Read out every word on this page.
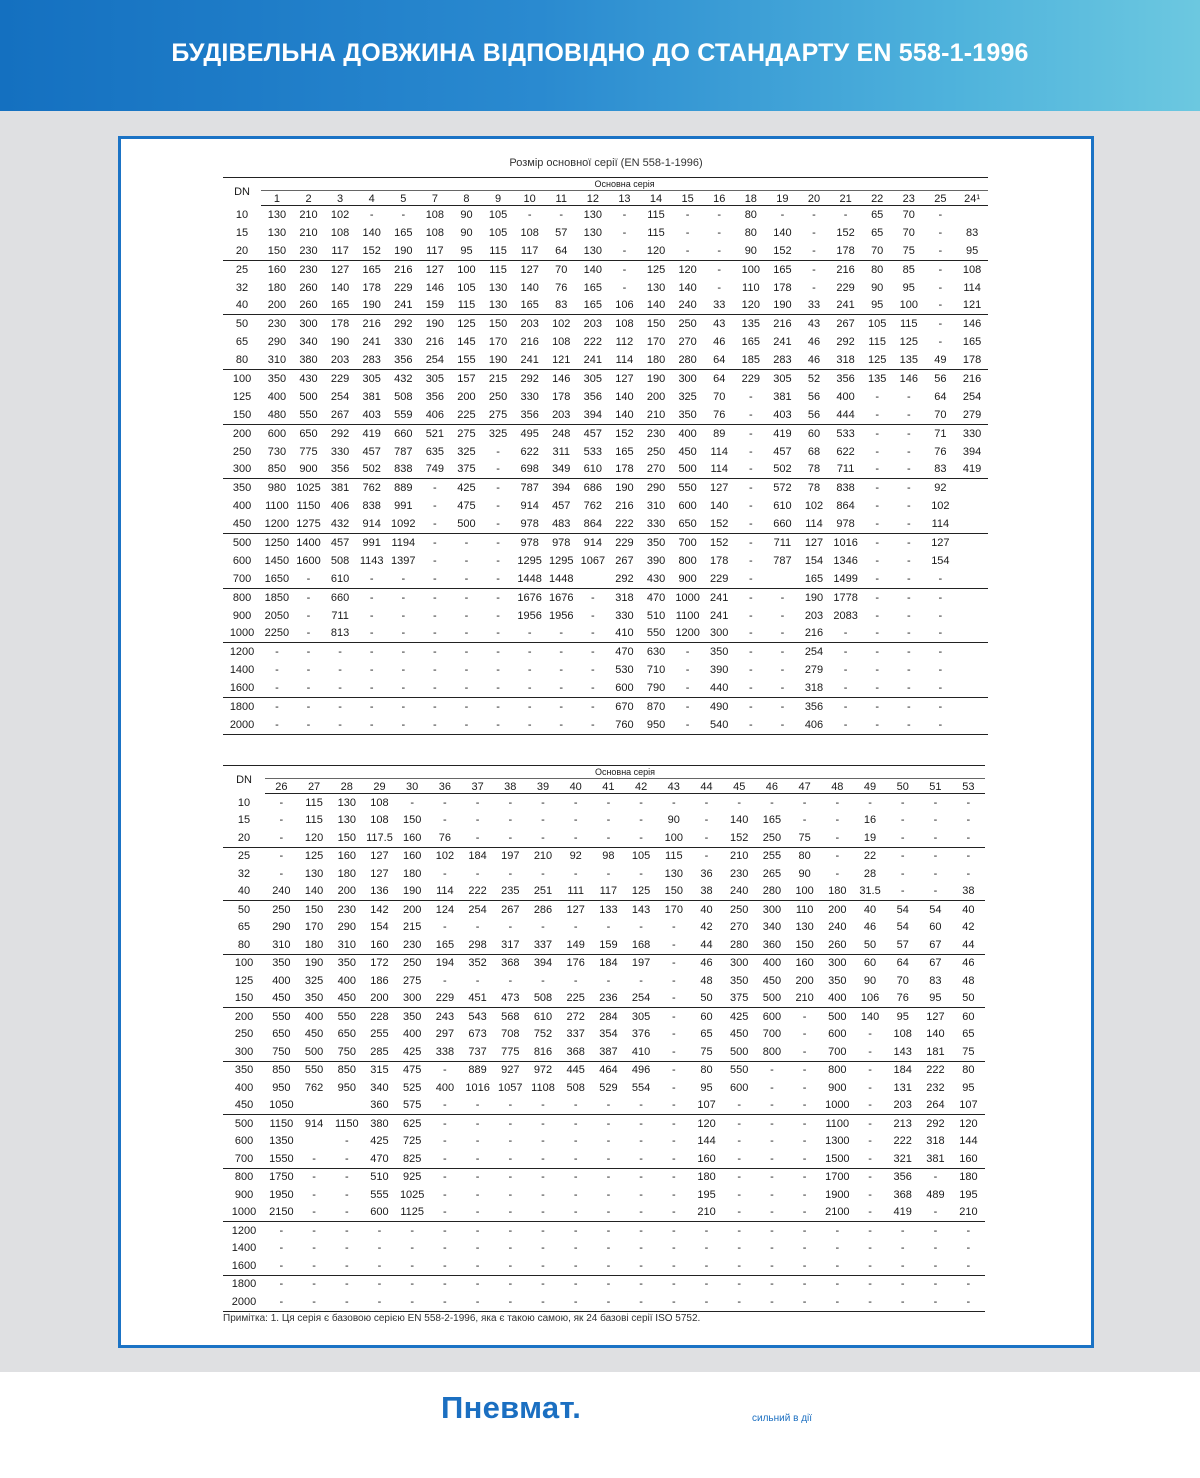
БУДІВЕЛЬНА ДОВЖИНА ВІДПОВІДНО ДО СТАНДАРТУ EN 558-1-1996
Розмір основної серії (EN 558-1-1996)
DN	Основна серія																						
	1	2	3	4	5	7	8	9	10	11	12	13	14	15	16	18	19	20	21	22	23	25	24¹
10	130	210	102	-	-	108	90	105	-	-	130	-	115	-	-	80	-	-	-	65	70	-	
15	130	210	108	140	165	108	90	105	108	57	130	-	115	-	-	80	140	-	152	65	70	-	83
20	150	230	117	152	190	117	95	115	117	64	130	-	120	-	-	90	152	-	178	70	75	-	95
25	160	230	127	165	216	127	100	115	127	70	140	-	125	120	-	100	165	-	216	80	85	-	108
32	180	260	140	178	229	146	105	130	140	76	165	-	130	140	-	110	178	-	229	90	95	-	114
40	200	260	165	190	241	159	115	130	165	83	165	106	140	240	33	120	190	33	241	95	100	-	121
50	230	300	178	216	292	190	125	150	203	102	203	108	150	250	43	135	216	43	267	105	115	-	146
65	290	340	190	241	330	216	145	170	216	108	222	112	170	270	46	165	241	46	292	115	125	-	165
80	310	380	203	283	356	254	155	190	241	121	241	114	180	280	64	185	283	46	318	125	135	49	178
100	350	430	229	305	432	305	157	215	292	146	305	127	190	300	64	229	305	52	356	135	146	56	216
125	400	500	254	381	508	356	200	250	330	178	356	140	200	325	70	-	381	56	400	-	-	64	254
150	480	550	267	403	559	406	225	275	356	203	394	140	210	350	76	-	403	56	444	-	-	70	279
200	600	650	292	419	660	521	275	325	495	248	457	152	230	400	89	-	419	60	533	-	-	71	330
250	730	775	330	457	787	635	325	-	622	311	533	165	250	450	114	-	457	68	622	-	-	76	394
300	850	900	356	502	838	749	375	-	698	349	610	178	270	500	114	-	502	78	711	-	-	83	419
350	980	1025	381	762	889	-	425	-	787	394	686	190	290	550	127	-	572	78	838	-	-	92	
400	1100	1150	406	838	991	-	475	-	914	457	762	216	310	600	140	-	610	102	864	-	-	102	
450	1200	1275	432	914	1092	-	500	-	978	483	864	222	330	650	152	-	660	114	978	-	-	114	
500	1250	1400	457	991	1194	-	-	-	978	978	914	229	350	700	152	-	711	127	1016	-	-	127	
600	1450	1600	508	1143	1397	-	-	-	1295	1295	1067	267	390	800	178	-	787	154	1346	-	-	154	
700	1650	-	610	-	-	-	-	-	1448	1448		292	430	900	229	-		165	1499	-	-	-	
800	1850	-	660	-	-	-	-	-	1676	1676	-	318	470	1000	241	-	-	190	1778	-	-	-	
900	2050	-	711	-	-	-	-	-	1956	1956	-	330	510	1100	241	-	-	203	2083	-	-	-	
1000	2250	-	813	-	-	-	-	-	-	-	-	410	550	1200	300	-	-	216	-	-	-	-	
1200	-	-	-	-	-	-	-	-	-	-	-	470	630	-	350	-	-	254	-	-	-	-	
1400	-	-	-	-	-	-	-	-	-	-	-	530	710	-	390	-	-	279	-	-	-	-	
1600	-	-	-	-	-	-	-	-	-	-	-	600	790	-	440	-	-	318	-	-	-	-	
1800	-	-	-	-	-	-	-	-	-	-	-	670	870	-	490	-	-	356	-	-	-	-	
2000	-	-	-	-	-	-	-	-	-	-	-	760	950	-	540	-	-	406	-	-	-	-	
DN	Основна серія																					
	26	27	28	29	30	36	37	38	39	40	41	42	43	44	45	46	47	48	49	50	51	53
10	-	115	130	108	-	-	-	-	-	-	-	-	-	-	-	-	-	-	-	-	-	-
15	-	115	130	108	150	-	-	-	-	-	-	-	90	-	140	165	-	-	16	-	-	-
20	-	120	150	117.5	160	76	-	-	-	-	-	-	100	-	152	250	75	-	19	-	-	-
25	-	125	160	127	160	102	184	197	210	92	98	105	115	-	210	255	80	-	22	-	-	-
32	-	130	180	127	180	-	-	-	-	-	-	-	130	36	230	265	90	-	28	-	-	-
40	240	140	200	136	190	114	222	235	251	111	117	125	150	38	240	280	100	180	31.5	-	-	38
50	250	150	230	142	200	124	254	267	286	127	133	143	170	40	250	300	110	200	40	54	54	40
65	290	170	290	154	215	-	-	-	-	-	-	-	-	42	270	340	130	240	46	54	60	42
80	310	180	310	160	230	165	298	317	337	149	159	168	-	44	280	360	150	260	50	57	67	44
100	350	190	350	172	250	194	352	368	394	176	184	197	-	46	300	400	160	300	60	64	67	46
125	400	325	400	186	275	-	-	-	-	-	-	-	-	48	350	450	200	350	90	70	83	48
150	450	350	450	200	300	229	451	473	508	225	236	254	-	50	375	500	210	400	106	76	95	50
200	550	400	550	228	350	243	543	568	610	272	284	305	-	60	425	600	-	500	140	95	127	60
250	650	450	650	255	400	297	673	708	752	337	354	376	-	65	450	700	-	600	-	108	140	65
300	750	500	750	285	425	338	737	775	816	368	387	410	-	75	500	800	-	700	-	143	181	75
350	850	550	850	315	475	-	889	927	972	445	464	496	-	80	550	-	-	800	-	184	222	80
400	950	762	950	340	525	400	1016	1057	1108	508	529	554	-	95	600	-	-	900	-	131	232	95
450	1050			360	575	-	-	-	-	-	-	-	-	107	-	-	-	1000	-	203	264	107
500	1150	914	1150	380	625	-	-	-	-	-	-	-	-	120	-	-	-	1100	-	213	292	120
600	1350		-	425	725	-	-	-	-	-	-	-	-	144	-	-	-	1300	-	222	318	144
700	1550	-	-	470	825	-	-	-	-	-	-	-	-	160	-	-	-	1500	-	321	381	160
800	1750	-	-	510	925	-	-	-	-	-	-	-	-	180	-	-	-	1700	-	356	-	180
900	1950	-	-	555	1025	-	-	-	-	-	-	-	-	195	-	-	-	1900	-	368	489	195
1000	2150	-	-	600	1125	-	-	-	-	-	-	-	-	210	-	-	-	2100	-	419	-	210
1200	-	-	-	-	-	-	-	-	-	-	-	-	-	-	-	-	-	-	-	-	-	-
1400	-	-	-	-	-	-	-	-	-	-	-	-	-	-	-	-	-	-	-	-	-	-
1600	-	-	-	-	-	-	-	-	-	-	-	-	-	-	-	-	-	-	-	-	-	-
1800	-	-	-	-	-	-	-	-	-	-	-	-	-	-	-	-	-	-	-	-	-	-
2000	-	-	-	-	-	-	-	-	-	-	-	-	-	-	-	-	-	-	-	-	-	-
Примітка: 1. Ця серія є базовою серією EN 558-2-1996, яка є такою самою, як 24 базові серії ISO 5752.
Пневмат.	сильний в дії
